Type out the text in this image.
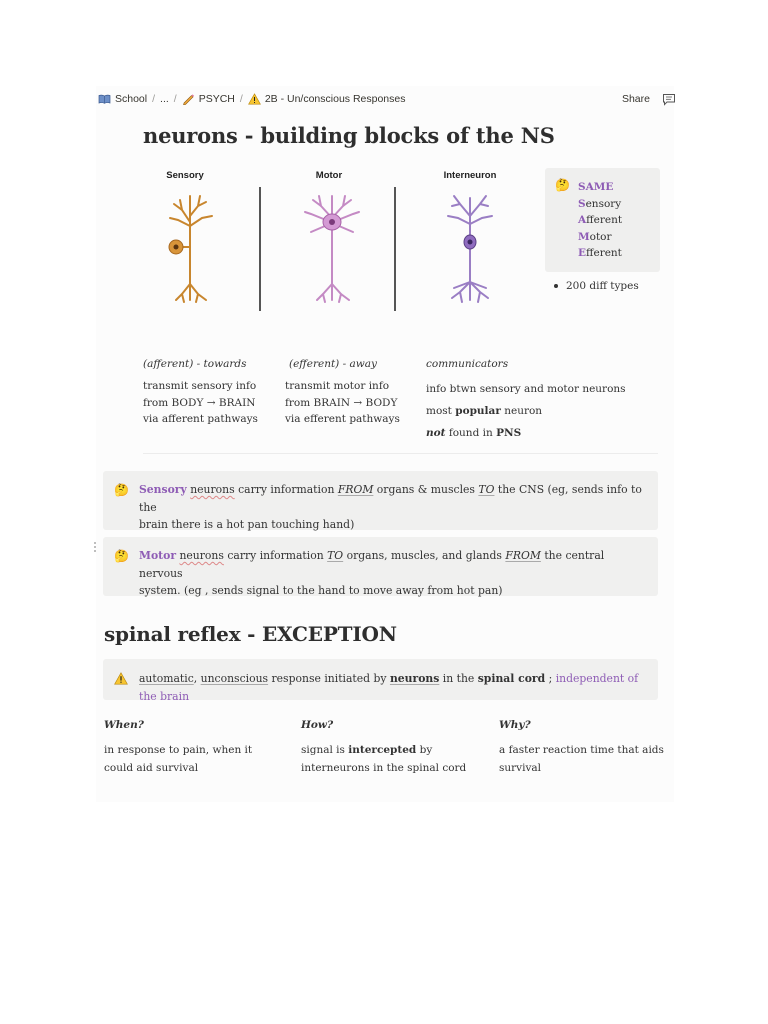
School / ... / PSYCH / 2B - Un/conscious Responses	Share
neurons - building blocks of the NS
Sensory	Motor	Interneuron
🤔 SAME
Sensory
Afferent
Motor
Efferent
200 diff types
(afferent) - towards
transmit sensory info
from BODY → BRAIN
via afferent pathways
(efferent) - away
transmit motor info
from BRAIN → BODY
via efferent pathways
communicators
info btwn sensory and motor neurons
most popular neuron
not found in PNS
🤔 Sensory neurons carry information FROM organs & muscles TO the CNS (eg, sends info to the
brain there is a hot pan touching hand)
🤔 Motor neurons carry information TO organs, muscles, and glands FROM the central nervous
system. (eg , sends signal to the hand to move away from hot pan)
spinal reflex - EXCEPTION
automatic, unconscious response initiated by neurons in the spinal cord ; independent of the brain
When?
in response to pain, when it
could aid survival
How?
signal is intercepted by
interneurons in the spinal cord
Why?
a faster reaction time that aids
survival
